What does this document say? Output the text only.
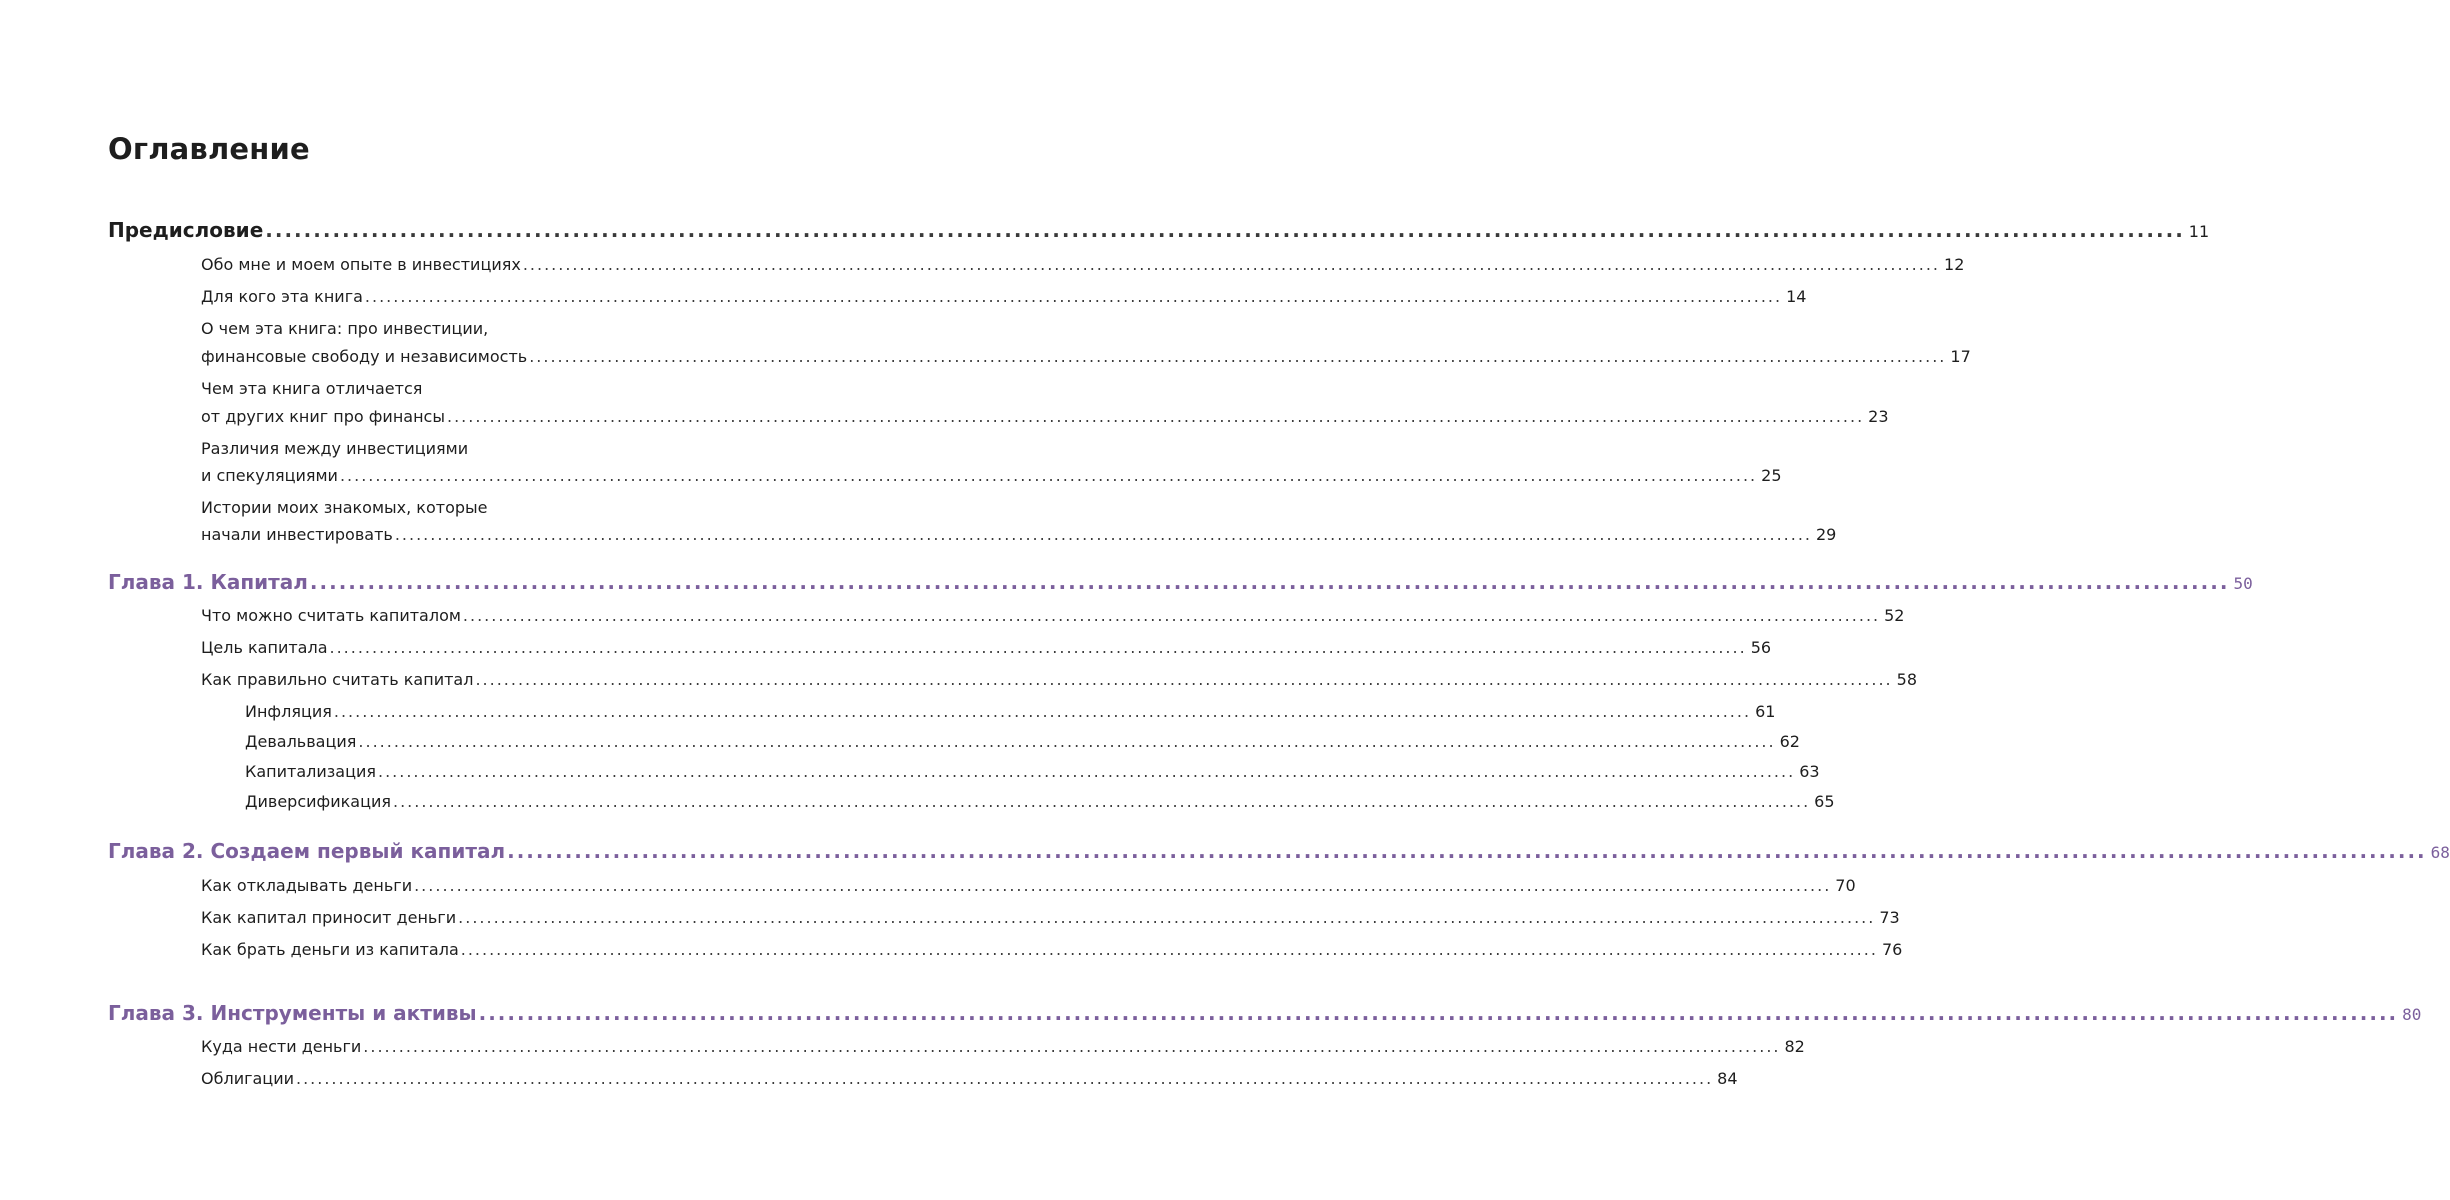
Оглавление
Предисловие ........................................................................................................................................................................................................ 11
Обо мне и моем опыте в инвестициях ........................................................................................................................................................................................................ 12
Для кого эта книга ........................................................................................................................................................................................................ 14
О чем эта книга: про инвестиции,
финансовые свободу и независимость ........................................................................................................................................................................................................ 17
Чем эта книга отличается
от других книг про финансы ........................................................................................................................................................................................................ 23
Различия между инвестициями
и спекуляциями ........................................................................................................................................................................................................ 25
Истории моих знакомых, которые
начали инвестировать ........................................................................................................................................................................................................ 29
Глава 1. Капитал ........................................................................................................................................................................................................ 50
Что можно считать капиталом ........................................................................................................................................................................................................ 52
Цель капитала ........................................................................................................................................................................................................ 56
Как правильно считать капитал ........................................................................................................................................................................................................ 58
Инфляция ........................................................................................................................................................................................................ 61
Девальвация ........................................................................................................................................................................................................ 62
Капитализация ........................................................................................................................................................................................................ 63
Диверсификация ........................................................................................................................................................................................................ 65
Глава 2. Создаем первый капитал ........................................................................................................................................................................................................ 68
Как откладывать деньги ........................................................................................................................................................................................................ 70
Как капитал приносит деньги ........................................................................................................................................................................................................ 73
Как брать деньги из капитала ........................................................................................................................................................................................................ 76
Глава 3. Инструменты и активы ........................................................................................................................................................................................................ 80
Куда нести деньги ........................................................................................................................................................................................................ 82
Облигации ........................................................................................................................................................................................................ 84
